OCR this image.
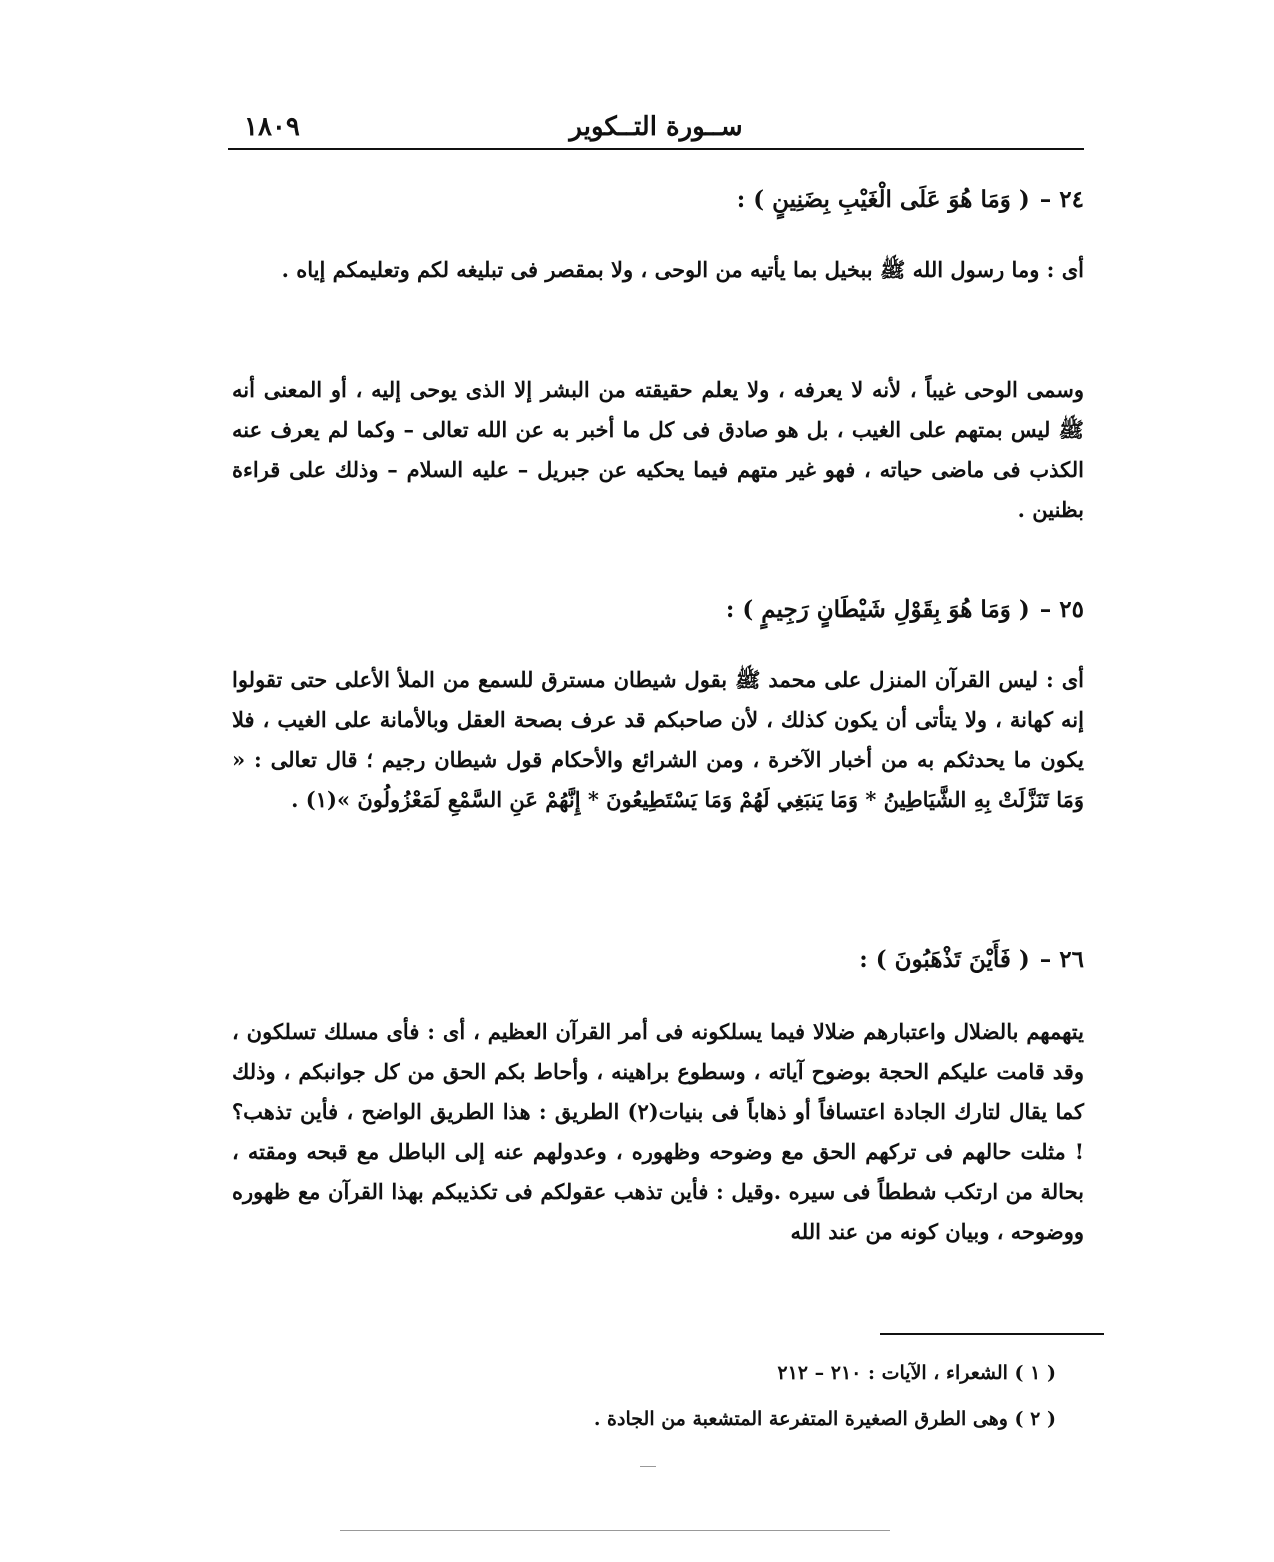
١٨٠٩	ســورة التــكوير
٢٤ –( وَمَا هُوَ عَلَى الْغَيْبِ بِضَنِينٍ ) :
أى : وما رسول الله ﷺ ببخيل بما يأتيه من الوحى ، ولا بمقصر فى تبليغه لكم وتعليمكم إياه .
وسمى الوحى غيباً ، لأنه لا يعرفه ، ولا يعلم حقيقته من البشر إلا الذى يوحى إليه ، أو المعنى أنه ﷺ ليس بمتهم على الغيب ، بل هو صادق فى كل ما أخبر به عن الله تعالى – وكما لم يعرف عنه الكذب فى ماضى حياته ، فهو غير متهم فيما يحكيه عن جبريل – عليه السلام – وذلك على قراءة بظنين .
٢٥ –( وَمَا هُوَ بِقَوْلِ شَيْطَانٍ رَجِيمٍ ) :
أى : ليس القرآن المنزل على محمد ﷺ بقول شيطان مسترق للسمع من الملأ الأعلى حتى تقولوا إنه كهانة ، ولا يتأتى أن يكون كذلك ، لأن صاحبكم قد عرف بصحة العقل وبالأمانة على الغيب ، فلا يكون ما يحدثكم به من أخبار الآخرة ، ومن الشرائع والأحكام قول شيطان رجيم ؛ قال تعالى : « وَمَا تَنَزَّلَتْ بِهِ الشَّيَاطِينُ * وَمَا يَنبَغِي لَهُمْ وَمَا يَسْتَطِيعُونَ * إِنَّهُمْ عَنِ السَّمْعِ لَمَعْزُولُونَ »(١) .
٢٦ –( فَأَيْنَ تَذْهَبُونَ ) :
يتهمهم بالضلال واعتبارهم ضلالا فيما يسلكونه فى أمر القرآن العظيم ، أى : فأى مسلك تسلكون ، وقد قامت عليكم الحجة بوضوح آياته ، وسطوع براهينه ، وأحاط بكم الحق من كل جوانبكم ، وذلك كما يقال لتارك الجادة اعتسافاً أو ذهاباً فى بنيات(٢) الطريق : هذا الطريق الواضح ، فأين تذهب؟ ! مثلت حالهم فى تركهم الحق مع وضوحه وظهوره ، وعدولهم عنه إلى الباطل مع قبحه ومقته ، بحالة من ارتكب شططاً فى سيره .وقيل : فأين تذهب عقولكم فى تكذيبكم بهذا القرآن مع ظهوره ووضوحه ، وبيان كونه من عند الله
( ١ ) الشعراء ، الآيات : ٢١٠ – ٢١٢
( ٢ ) وهى الطرق الصغيرة المتفرعة المتشعبة من الجادة .
